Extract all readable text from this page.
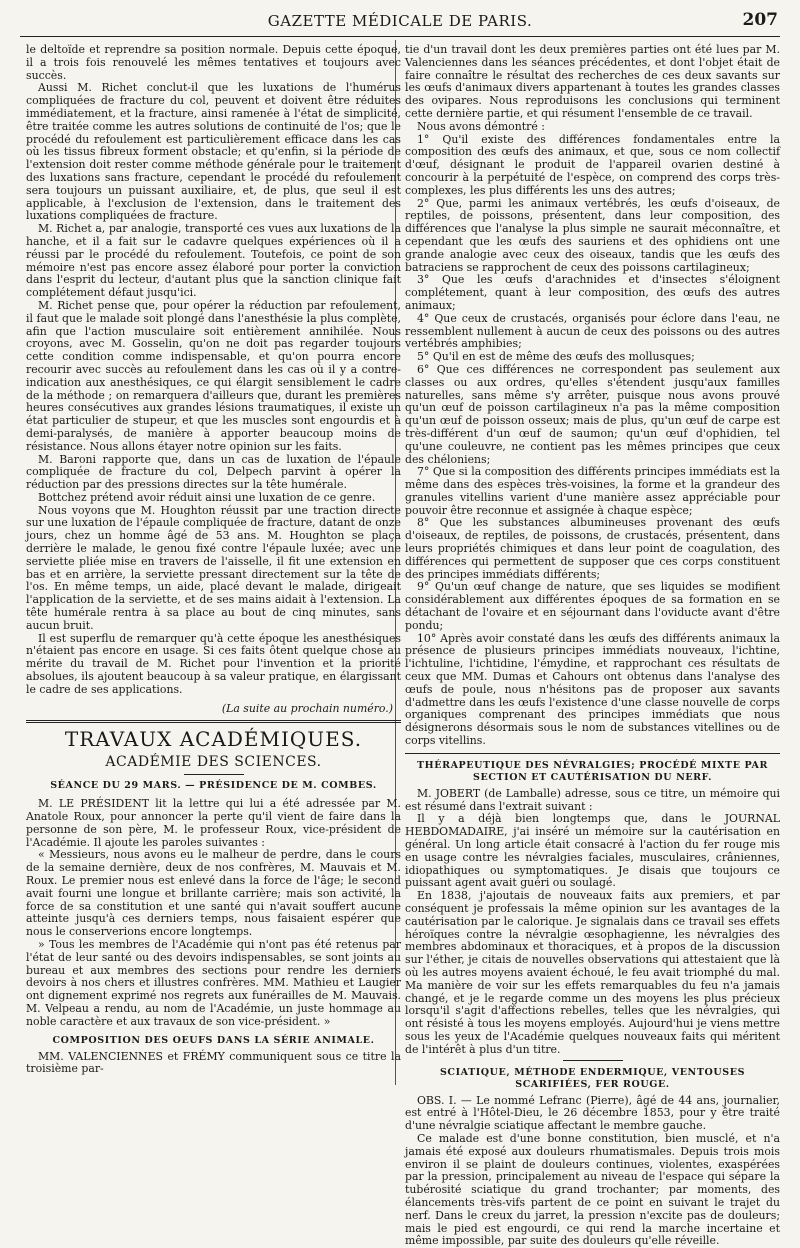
GAZETTE MÉDICALE DE PARIS.	207

le deltoïde et reprendre sa position normale. Depuis cette époque, il a trois fois renouvelé les mêmes tentatives et toujours avec succès.

Aussi M. Richet conclut-il que les luxations de l'humérus compliquées de fracture du col, peuvent et doivent être réduites immédiatement, et la fracture, ainsi ramenée à l'état de simplicité, être traitée comme les autres solutions de continuité de l'os; que le procédé du refoulement est particulièrement efficace dans les cas où les tissus fibreux forment obstacle; et qu'enfin, si la période de l'extension doit rester comme méthode générale pour le traitement des luxations sans fracture, cependant le procédé du refoulement sera toujours un puissant auxiliaire, et, de plus, que seul il est applicable, à l'exclusion de l'extension, dans le traitement des luxations compliquées de fracture.

M. Richet a, par analogie, transporté ces vues aux luxations de la hanche, et il a fait sur le cadavre quelques expériences où il a réussi par le procédé du refoulement. Toutefois, ce point de son mémoire n'est pas encore assez élaboré pour porter la conviction dans l'esprit du lecteur, d'autant plus que la sanction clinique fait complétement défaut jusqu'ici.

M. Richet pense que, pour opérer la réduction par refoulement, il faut que le malade soit plongé dans l'anesthésie la plus complète, afin que l'action musculaire soit entièrement annihilée. Nous croyons, avec M. Gosselin, qu'on ne doit pas regarder toujours cette condition comme indispensable, et qu'on pourra encore recourir avec succès au refoulement dans les cas où il y a contre-indication aux anesthésiques, ce qui élargit sensiblement le cadre de la méthode ; on remarquera d'ailleurs que, durant les premières heures consécutives aux grandes lésions traumatiques, il existe un état particulier de stupeur, et que les muscles sont engourdis et à demi-paralysés, de manière à apporter beaucoup moins de résistance. Nous allons étayer notre opinion sur les faits.

M. Baroni rapporte que, dans un cas de luxation de l'épaule compliquée de fracture du col, Delpech parvint à opérer la réduction par des pressions directes sur la tête humérale.

Bottchez prétend avoir réduit ainsi une luxation de ce genre.

Nous voyons que M. Houghton réussit par une traction directe sur une luxation de l'épaule compliquée de fracture, datant de onze jours, chez un homme âgé de 53 ans. M. Houghton se plaça derrière le malade, le genou fixé contre l'épaule luxée; avec une serviette pliée mise en travers de l'aisselle, il fit une extension en bas et en arrière, la serviette pressant directement sur la tête de l'os. En même temps, un aide, placé devant le malade, dirigeait l'application de la serviette, et de ses mains aidait à l'extension. La tête humérale rentra à sa place au bout de cinq minutes, sans aucun bruit.

Il est superflu de remarquer qu'à cette époque les anesthésiques n'étaient pas encore en usage. Si ces faits ôtent quelque chose au mérite du travail de M. Richet pour l'invention et la priorité absolues, ils ajoutent beaucoup à sa valeur pratique, en élargissant le cadre de ses applications.

(La suite au prochain numéro.)
TRAVAUX ACADÉMIQUES.
ACADÉMIE DES SCIENCES.
SÉANCE DU 29 MARS. — PRÉSIDENCE DE M. COMBES.

M. LE PRÉSIDENT lit la lettre qui lui a été adressée par M. Anatole Roux, pour annoncer la perte qu'il vient de faire dans la personne de son père, M. le professeur Roux, vice-président de l'Académie. Il ajoute les paroles suivantes :

« Messieurs, nous avons eu le malheur de perdre, dans le cours de la semaine dernière, deux de nos confrères, M. Mauvais et M. Roux. Le premier nous est enlevé dans la force de l'âge; le second avait fourni une longue et brillante carrière; mais son activité, la force de sa constitution et une santé qui n'avait souffert aucune atteinte jusqu'à ces derniers temps, nous faisaient espérer que nous le conserverions encore longtemps.

» Tous les membres de l'Académie qui n'ont pas été retenus par l'état de leur santé ou des devoirs indispensables, se sont joints au bureau et aux membres des sections pour rendre les derniers devoirs à nos chers et illustres confrères. MM. Mathieu et Laugier ont dignement exprimé nos regrets aux funérailles de M. Mauvais. M. Velpeau a rendu, au nom de l'Académie, un juste hommage au noble caractère et aux travaux de son vice-président. »

COMPOSITION DES OEUFS DANS LA SÉRIE ANIMALE.

MM. VALENCIENNES et FRÉMY communiquent sous ce titre la troisième par-

tie d'un travail dont les deux premières parties ont été lues par M. Valenciennes dans les séances précédentes, et dont l'objet était de faire connaître le résultat des recherches de ces deux savants sur les œufs d'animaux divers appartenant à toutes les grandes classes des ovipares. Nous reproduisons les conclusions qui terminent cette dernière partie, et qui résument l'ensemble de ce travail.

Nous avons démontré :

1° Qu'il existe des différences fondamentales entre la composition des œufs des animaux, et que, sous ce nom collectif d'œuf, désignant le produit de l'appareil ovarien destiné à concourir à la perpétuité de l'espèce, on comprend des corps très-complexes, les plus différents les uns des autres;

2° Que, parmi les animaux vertébrés, les œufs d'oiseaux, de reptiles, de poissons, présentent, dans leur composition, des différences que l'analyse la plus simple ne saurait méconnaître, et cependant que les œufs des sauriens et des ophidiens ont une grande analogie avec ceux des oiseaux, tandis que les œufs des batraciens se rapprochent de ceux des poissons cartilagineux;

3° Que les œufs d'arachnides et d'insectes s'éloignent complétement, quant à leur composition, des œufs des autres animaux;

4° Que ceux de crustacés, organisés pour éclore dans l'eau, ne ressemblent nullement à aucun de ceux des poissons ou des autres vertébrés amphibies;

5° Qu'il en est de même des œufs des mollusques;

6° Que ces différences ne correspondent pas seulement aux classes ou aux ordres, qu'elles s'étendent jusqu'aux familles naturelles, sans même s'y arrêter, puisque nous avons prouvé qu'un œuf de poisson cartilagineux n'a pas la même composition qu'un œuf de poisson osseux; mais de plus, qu'un œuf de carpe est très-différent d'un œuf de saumon; qu'un œuf d'ophidien, tel qu'une couleuvre, ne contient pas les mêmes principes que ceux des chéloniens;

7° Que si la composition des différents principes immédiats est la même dans des espèces très-voisines, la forme et la grandeur des granules vitellins varient d'une manière assez appréciable pour pouvoir être reconnue et assignée à chaque espèce;

8° Que les substances albumineuses provenant des œufs d'oiseaux, de reptiles, de poissons, de crustacés, présentent, dans leurs propriétés chimiques et dans leur point de coagulation, des différences qui permettent de supposer que ces corps constituent des principes immédiats différents;

9° Qu'un œuf change de nature, que ses liquides se modifient considérablement aux différentes époques de sa formation en se détachant de l'ovaire et en séjournant dans l'oviducte avant d'être pondu;

10° Après avoir constaté dans les œufs des différents animaux la présence de plusieurs principes immédiats nouveaux, l'ichtine, l'ichtuline, l'ichtidine, l'émydine, et rapprochant ces résultats de ceux que MM. Dumas et Cahours ont obtenus dans l'analyse des œufs de poule, nous n'hésitons pas de proposer aux savants d'admettre dans les œufs l'existence d'une classe nouvelle de corps organiques comprenant des principes immédiats que nous désignerons désormais sous le nom de substances vitellines ou de corps vitellins.

THÉRAPEUTIQUE DES NÉVRALGIES; PROCÉDÉ MIXTE PAR SECTION ET CAUTÉRISATION DU NERF.

M. JOBERT (de Lamballe) adresse, sous ce titre, un mémoire qui est résumé dans l'extrait suivant :

Il y a déjà bien longtemps que, dans le JOURNAL HEBDOMADAIRE, j'ai inséré un mémoire sur la cautérisation en général. Un long article était consacré à l'action du fer rouge mis en usage contre les névralgies faciales, musculaires, crâniennes, idiopathiques ou symptomatiques. Je disais que toujours ce puissant agent avait guéri ou soulagé.

En 1838, j'ajoutais de nouveaux faits aux premiers, et par conséquent je professais la même opinion sur les avantages de la cautérisation par le calorique. Je signalais dans ce travail ses effets héroïques contre la névralgie œsophagienne, les névralgies des membres abdominaux et thoraciques, et à propos de la discussion sur l'éther, je citais de nouvelles observations qui attestaient que là où les autres moyens avaient échoué, le feu avait triomphé du mal. Ma manière de voir sur les effets remarquables du feu n'a jamais changé, et je le regarde comme un des moyens les plus précieux lorsqu'il s'agit d'affections rebelles, telles que les névralgies, qui ont résisté à tous les moyens employés. Aujourd'hui je viens mettre sous les yeux de l'Académie quelques nouveaux faits qui méritent de l'intérêt à plus d'un titre.

SCIATIQUE, MÉTHODE ENDERMIQUE, VENTOUSES SCARIFIÉES, FER ROUGE.

OBS. I. — Le nommé Lefranc (Pierre), âgé de 44 ans, journalier, est entré à l'Hôtel-Dieu, le 26 décembre 1853, pour y être traité d'une névralgie sciatique affectant le membre gauche.

Ce malade est d'une bonne constitution, bien musclé, et n'a jamais été exposé aux douleurs rhumatismales. Depuis trois mois environ il se plaint de douleurs continues, violentes, exaspérées par la pression, principalement au niveau de l'espace qui sépare la tubérosité sciatique du grand trochanter; par moments, des élancements très-vifs partent de ce point en suivant le trajet du nerf. Dans le creux du jarret, la pression n'excite pas de douleurs; mais le pied est engourdi, ce qui rend la marche incertaine et même impossible, par suite des douleurs qu'elle réveille.
